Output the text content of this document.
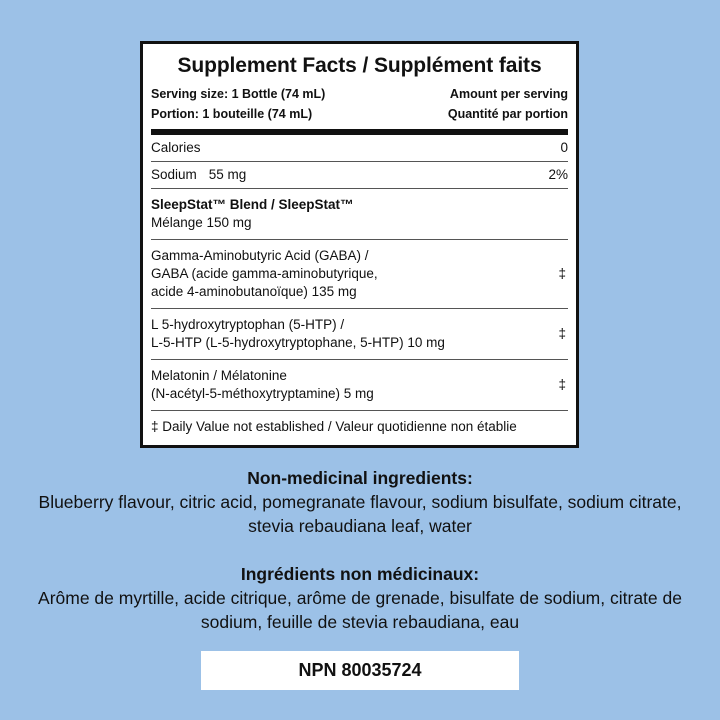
Supplement Facts / Supplément faits
Serving size: 1 Bottle (74 mL)
Portion: 1 bouteille (74 mL)
Amount per serving
Quantité par portion
Calories	0
Sodium 55 mg	2%
SleepStat™ Blend / SleepStat™
Mélange 150 mg
Gamma-Aminobutyric Acid (GABA) /
GABA (acide gamma-aminobutyrique,
acide 4-aminobutanoïque) 135 mg
‡
L 5-hydroxytryptophan (5-HTP) /
L-5-HTP (L-5-hydroxytryptophane, 5-HTP) 10 mg
‡
Melatonin / Mélatonine
(N-acétyl-5-méthoxytryptamine) 5 mg
‡
‡ Daily Value not established / Valeur quotidienne non établie
Non-medicinal ingredients:

Blueberry flavour, citric acid, pomegranate flavour, sodium bisulfate, sodium citrate, stevia rebaudiana leaf, water

Ingrédients non médicinaux:

Arôme de myrtille, acide citrique, arôme de grenade, bisulfate de sodium, citrate de sodium, feuille de stevia rebaudiana, eau

NPN 80035724
